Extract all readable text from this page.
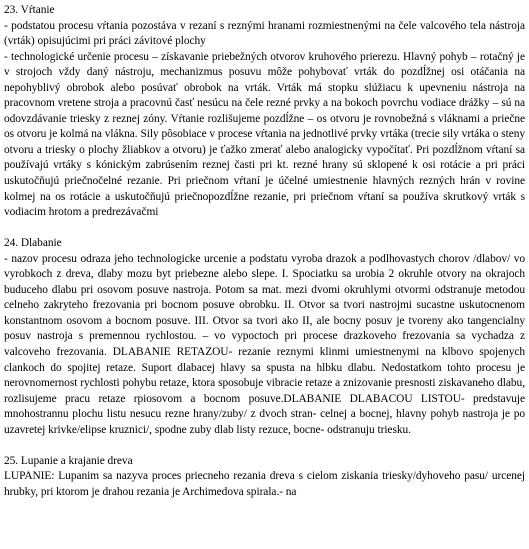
23. Vŕtanie

- podstatou procesu vŕtania pozostáva v rezaní s reznými hranami rozmiestnenými na čele valcového tela nástroja (vrták) opisujúcimi pri práci závitové plochy

- technologické určenie procesu – získavanie priebežných otvorov kruhového prierezu. Hlavný pohyb – rotačný je v strojoch vždy daný nástroju, mechanizmus posuvu môže pohybovať vrták do pozdĺžnej osi otáčania na nepohyblivý obrobok alebo posúvať obrobok na vrták. Vrták má stopku slúžiacu k upevneniu nástroja na pracovnom vretene stroja a pracovnú časť nesúcu na čele rezné prvky a na bokoch povrchu vodiace drážky – sú na odovzdávanie triesky z reznej zóny. Vŕtanie rozlišujeme pozdĺžne – os otvoru je rovnobežná s vláknami a priečne os otvoru je kolmá na vlákna. Sily pôsobiace v procese vŕtania na jednotlivé prvky vrtáka (trecie sily vrtáka o steny otvoru a triesky o plochy žliabkov a otvoru) je ťažko zmerať alebo analogicky vypočítať. Pri pozdĺžnom vŕtaní sa používajú vrtáky s kónickým zabrúsením reznej časti pri kt. rezné hrany sú sklopené k osi rotácie a pri práci uskutočňujú priečnočelné rezanie. Pri priečnom vŕtaní je účelné umiestnenie hlavných rezných hrán v rovine kolmej na os rotácie a uskutočňujú priečnopozdĺžne rezanie, pri priečnom vŕtaní sa používa skrutkový vrták s vodiacim hrotom a predrezávačmi

24. Dlabanie

- nazov procesu odraza jeho technologicke urcenie a podstatu vyroba drazok a podlhovastych chorov /dlabov/ vo vyrobkoch z dreva, dlaby mozu byt priebezne alebo slepe. I. Spociatku sa urobia 2 okruhle otvory na okrajoch buduceho dlabu pri osovom posuve nastroja. Potom sa mat. mezi dvomi okruhlymi otvormi odstranuje metodou celneho zakryteho frezovania pri bocnom posuve obrobku. II. Otvor sa tvori nastrojmi sucastne uskutocnenom konstantnom osovom a bocnom posuve. III. Otvor sa tvori ako II, ale bocny posuv je tvoreny ako tangencialny posuv nastroja s premennou rychlostou. – vo vypoctoch pri procese drazkoveho frezovania sa vychadza z valcoveho frezovania. DLABANIE RETAZOU- rezanie reznymi klinmi umiestnenymi na klbovo spojenych clankoch do spojitej retaze. Suport dlabacej hlavy sa spusta na hlbku dlabu. Nedostatkom tohto procesu je nerovnomernost rychlosti pohybu retaze, ktora sposobuje vibracie retaze a znizovanie presnosti ziskavaneho dlabu, rozlisujeme pracu retaze rpiosovom a bocnom posuve.DLABANIE DLABACOU LISTOU- predstavuje mnohostrannu plochu listu nesucu rezne hrany/zuby/ z dvoch stran- celnej a bocnej, hlavny pohyb nastroja je po uzavretej krivke/elipse kruznici/, spodne zuby dlab listy rezuce, bocne- odstranuju triesku.

25. Lupanie a krajanie dreva

LUPANIE: Lupanim sa nazyva proces priecneho rezania dreva s cielom ziskania triesky/dyhoveho pasu/ urcenej hrubky, pri ktorom je drahou rezania je Archimedova spirala.- na
